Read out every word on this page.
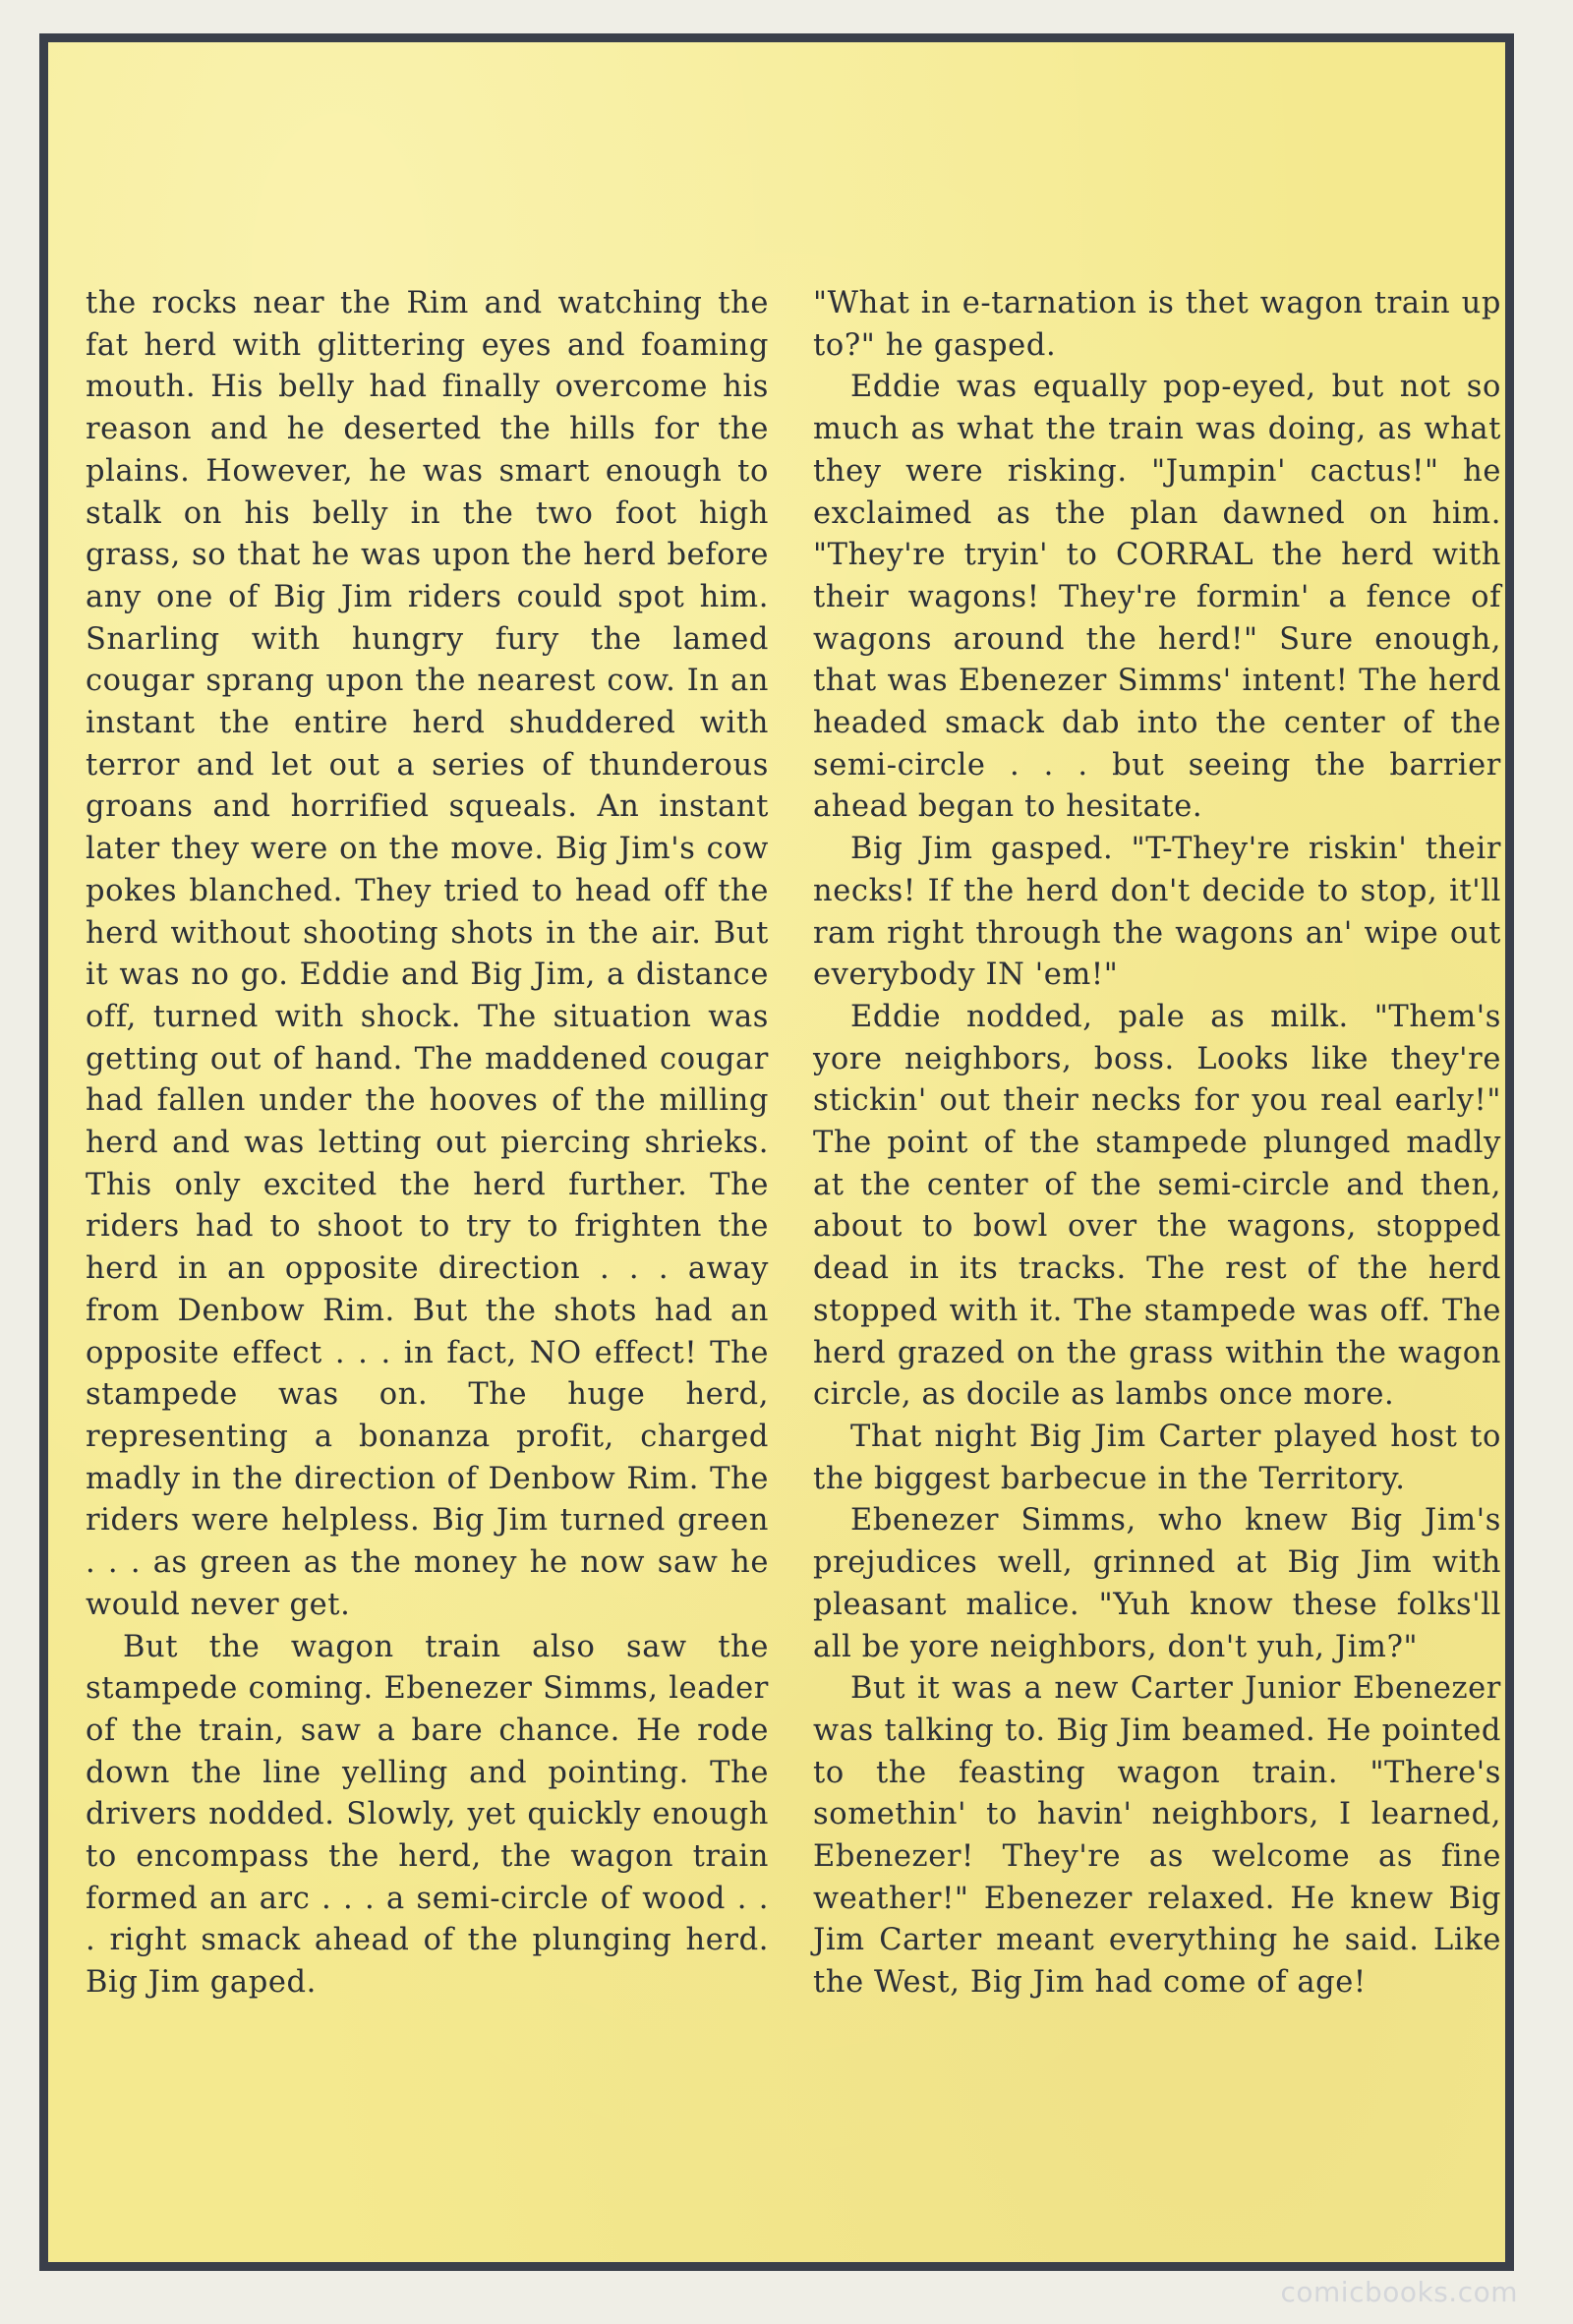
the rocks near the Rim and watching the fat herd with glittering eyes and foaming mouth. His belly had finally overcome his reason and he deserted the hills for the plains. However, he was smart enough to stalk on his belly in the two foot high grass, so that he was upon the herd before any one of Big Jim riders could spot him. Snarling with hungry fury the lamed cougar sprang upon the nearest cow. In an instant the entire herd shuddered with terror and let out a series of thunderous groans and horrified squeals. An instant later they were on the move. Big Jim's cow pokes blanched. They tried to head off the herd without shooting shots in the air. But it was no go. Eddie and Big Jim, a distance off, turned with shock. The situation was getting out of hand. The maddened cougar had fallen under the hooves of the milling herd and was letting out piercing shrieks. This only excited the herd further. The riders had to shoot to try to frighten the herd in an opposite direction . . . away from Denbow Rim. But the shots had an opposite effect . . . in fact, NO effect! The stampede was on. The huge herd, representing a bonanza profit, charged madly in the direction of Denbow Rim. The riders were helpless. Big Jim turned green . . . as green as the money he now saw he would never get.

But the wagon train also saw the stampede coming. Ebenezer Simms, leader of the train, saw a bare chance. He rode down the line yelling and pointing. The drivers nodded. Slowly, yet quickly enough to encompass the herd, the wagon train formed an arc . . . a semi-circle of wood . . . right smack ahead of the plunging herd. Big Jim gaped.

"What in e-tarnation is thet wagon train up to?" he gasped.

Eddie was equally pop-eyed, but not so much as what the train was doing, as what they were risking. "Jumpin' cactus!" he exclaimed as the plan dawned on him. "They're tryin' to CORRAL the herd with their wagons! They're formin' a fence of wagons around the herd!" Sure enough, that was Ebenezer Simms' intent! The herd headed smack dab into the center of the semi-circle . . . but seeing the barrier ahead began to hesitate.

Big Jim gasped. "T-They're riskin' their necks! If the herd don't decide to stop, it'll ram right through the wagons an' wipe out everybody IN 'em!"

Eddie nodded, pale as milk. "Them's yore neighbors, boss. Looks like they're stickin' out their necks for you real early!" The point of the stampede plunged madly at the center of the semi-circle and then, about to bowl over the wagons, stopped dead in its tracks. The rest of the herd stopped with it. The stampede was off. The herd grazed on the grass within the wagon circle, as docile as lambs once more.

That night Big Jim Carter played host to the biggest barbecue in the Territory.

Ebenezer Simms, who knew Big Jim's prejudices well, grinned at Big Jim with pleasant malice. "Yuh know these folks'll all be yore neighbors, don't yuh, Jim?"

But it was a new Carter Junior Ebenezer was talking to. Big Jim beamed. He pointed to the feasting wagon train. "There's somethin' to havin' neighbors, I learned, Ebenezer! They're as welcome as fine weather!" Ebenezer relaxed. He knew Big Jim Carter meant everything he said. Like the West, Big Jim had come of age!

comicbooks.com
